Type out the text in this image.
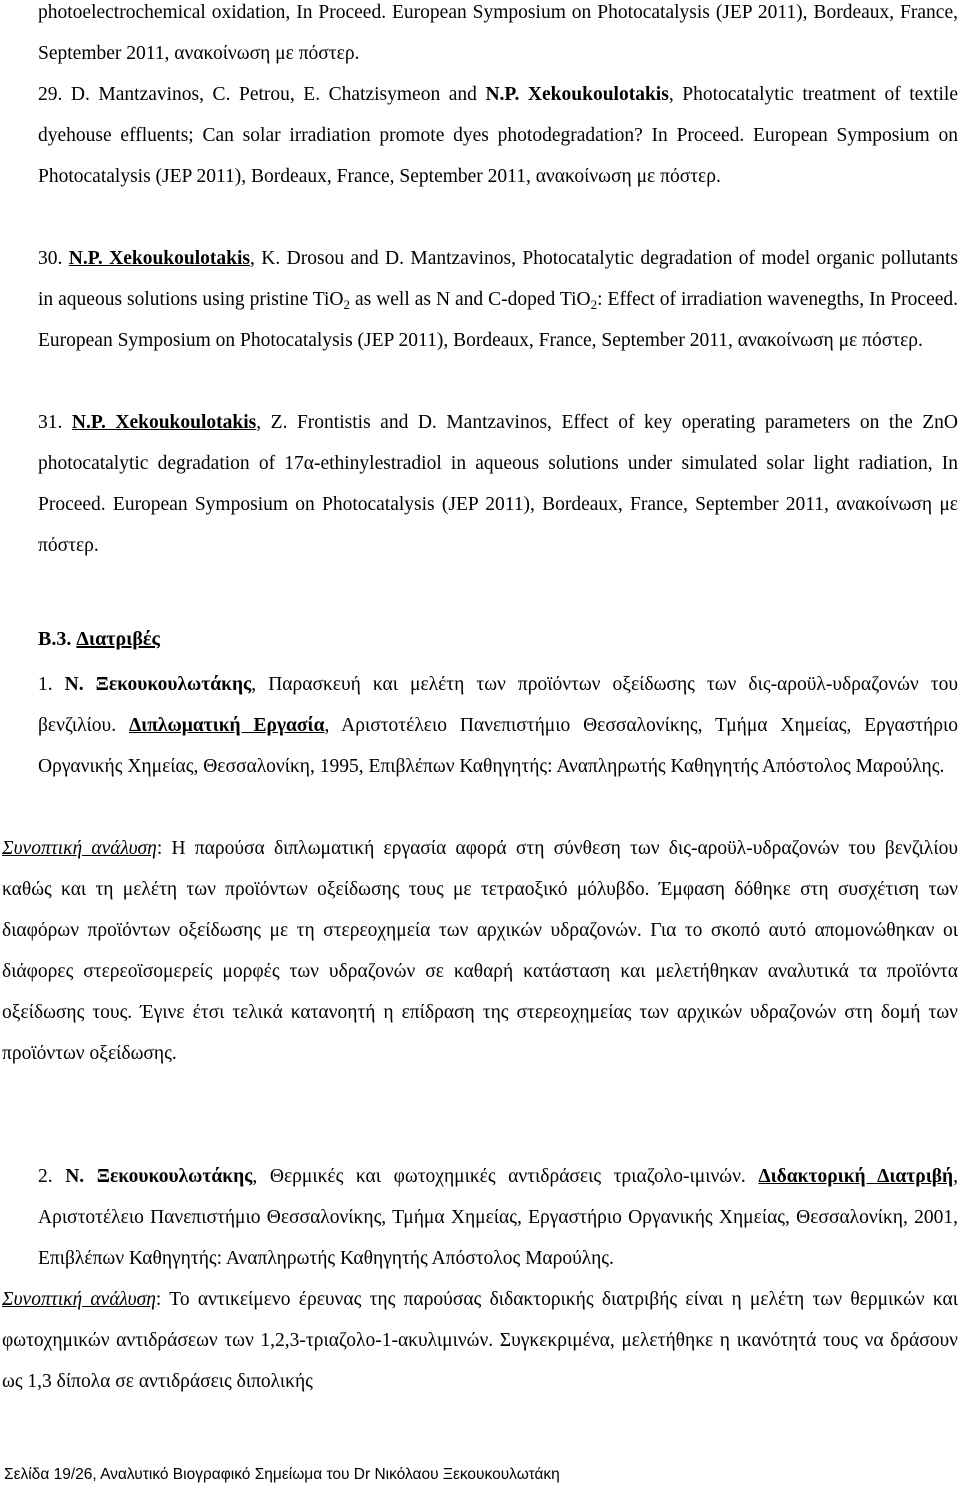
photoelectrochemical oxidation, In Proceed. European Symposium on Photocatalysis (JEP 2011), Bordeaux, France, September 2011, ανακοίνωση με πόστερ.

29. D. Mantzavinos, C. Petrou, E. Chatzisymeon and N.P. Xekoukoulotakis, Photocatalytic treatment of textile dyehouse effluents; Can solar irradiation promote dyes photodegradation? In Proceed. European Symposium on Photocatalysis (JEP 2011), Bordeaux, France, September 2011, ανακοίνωση με πόστερ.

30. N.P. Xekoukoulotakis, K. Drosou and D. Mantzavinos, Photocatalytic degradation of model organic pollutants in aqueous solutions using pristine TiO$_2$ as well as N and C-doped TiO$_2$: Effect of irradiation wavenegths, In Proceed. European Symposium on Photocatalysis (JEP 2011), Bordeaux, France, September 2011, ανακοίνωση με πόστερ.

31. N.P. Xekoukoulotakis, Z. Frontistis and D. Mantzavinos, Effect of key operating parameters on the ZnO photocatalytic degradation of 17α-ethinylestradiol in aqueous solutions under simulated solar light radiation, In Proceed. European Symposium on Photocatalysis (JEP 2011), Bordeaux, France, September 2011, ανακοίνωση με πόστερ.

B.3. Διατριβές

1. Ν. Ξεκουκουλωτάκης, Παρασκευή και μελέτη των προϊόντων οξείδωσης των δις-αροϋλ-υδραζονών του βενζιλίου. Διπλωματική Εργασία, Αριστοτέλειο Πανεπιστήμιο Θεσσαλονίκης, Τμήμα Χημείας, Εργαστήριο Οργανικής Χημείας, Θεσσαλονίκη, 1995, Επιβλέπων Καθηγητής: Αναπληρωτής Καθηγητής Απόστολος Μαρούλης.

Συνοπτική ανάλυση: Η παρούσα διπλωματική εργασία αφορά στη σύνθεση των δις-αροϋλ-υδραζονών του βενζιλίου καθώς και τη μελέτη των προϊόντων οξείδωσης τους με τετραοξικό μόλυβδο. Έμφαση δόθηκε στη συσχέτιση των διαφόρων προϊόντων οξείδωσης με τη στερεοχημεία των αρχικών υδραζονών. Για το σκοπό αυτό απομονώθηκαν οι διάφορες στερεοϊσομερείς μορφές των υδραζονών σε καθαρή κατάσταση και μελετήθηκαν αναλυτικά τα προϊόντα οξείδωσης τους. Έγινε έτσι τελικά κατανοητή η επίδραση της στερεοχημείας των αρχικών υδραζονών στη δομή των προϊόντων οξείδωσης.

2. Ν. Ξεκουκουλωτάκης, Θερμικές και φωτοχημικές αντιδράσεις τριαζολο-ιμινών. Διδακτορική Διατριβή, Αριστοτέλειο Πανεπιστήμιο Θεσσαλονίκης, Τμήμα Χημείας, Εργαστήριο Οργανικής Χημείας, Θεσσαλονίκη, 2001, Επιβλέπων Καθηγητής: Αναπληρωτής Καθηγητής Απόστολος Μαρούλης.

Συνοπτική ανάλυση: Το αντικείμενο έρευνας της παρούσας διδακτορικής διατριβής είναι η μελέτη των θερμικών και φωτοχημικών αντιδράσεων των 1,2,3-τριαζολο-1-ακυλιμινών. Συγκεκριμένα, μελετήθηκε η ικανότητά τους να δράσουν ως 1,3 δίπολα σε αντιδράσεις διπολικής

Σελίδα 19/26, Αναλυτικό Βιογραφικό Σημείωμα του Dr Νικόλαου Ξεκουκουλωτάκη
